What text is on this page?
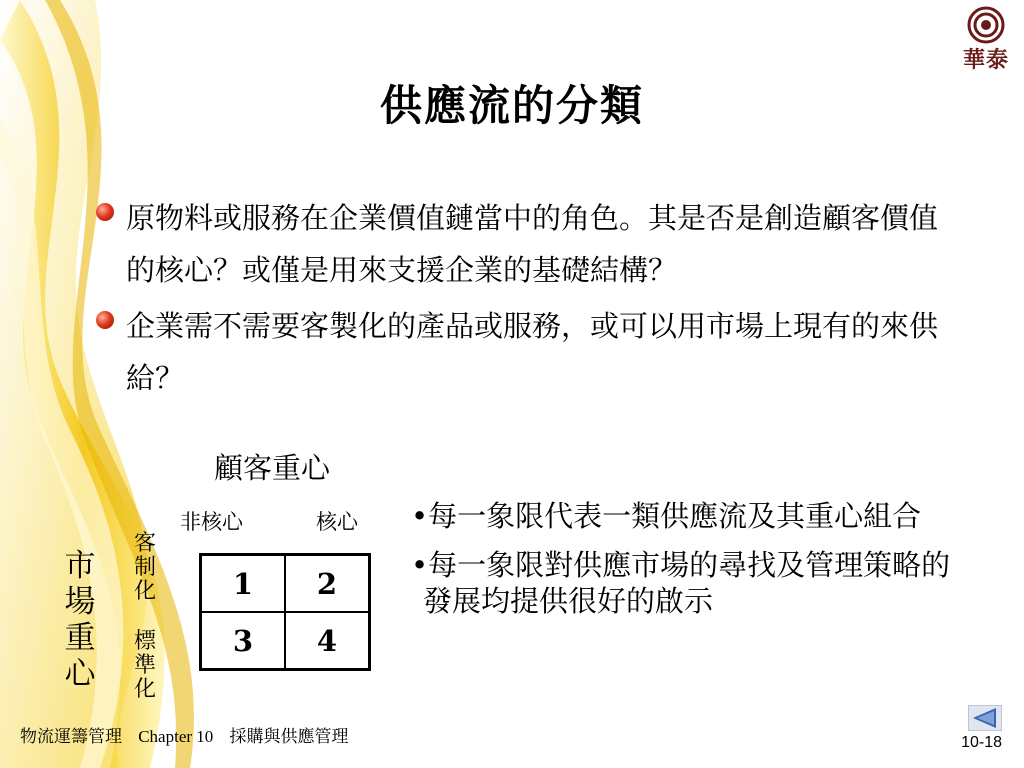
華泰
供應流的分類
原物料或服務在企業價值鏈當中的角色。其是否是創造顧客價值的核心？或僅是用來支援企業的基礎結構？
企業需不需要客製化的產品或服務，或可以用市場上現有的來供給？
顧客重心
非核心	核心
市
場
重
心
客
制
化
標
準
化
1	2
3	4
•每一象限代表一類供應流及其重心組合
•每一象限對供應市場的尋找及管理策略的發展均提供很好的啟示
物流運籌管理 Chapter 10 採購與供應管理	10-18
